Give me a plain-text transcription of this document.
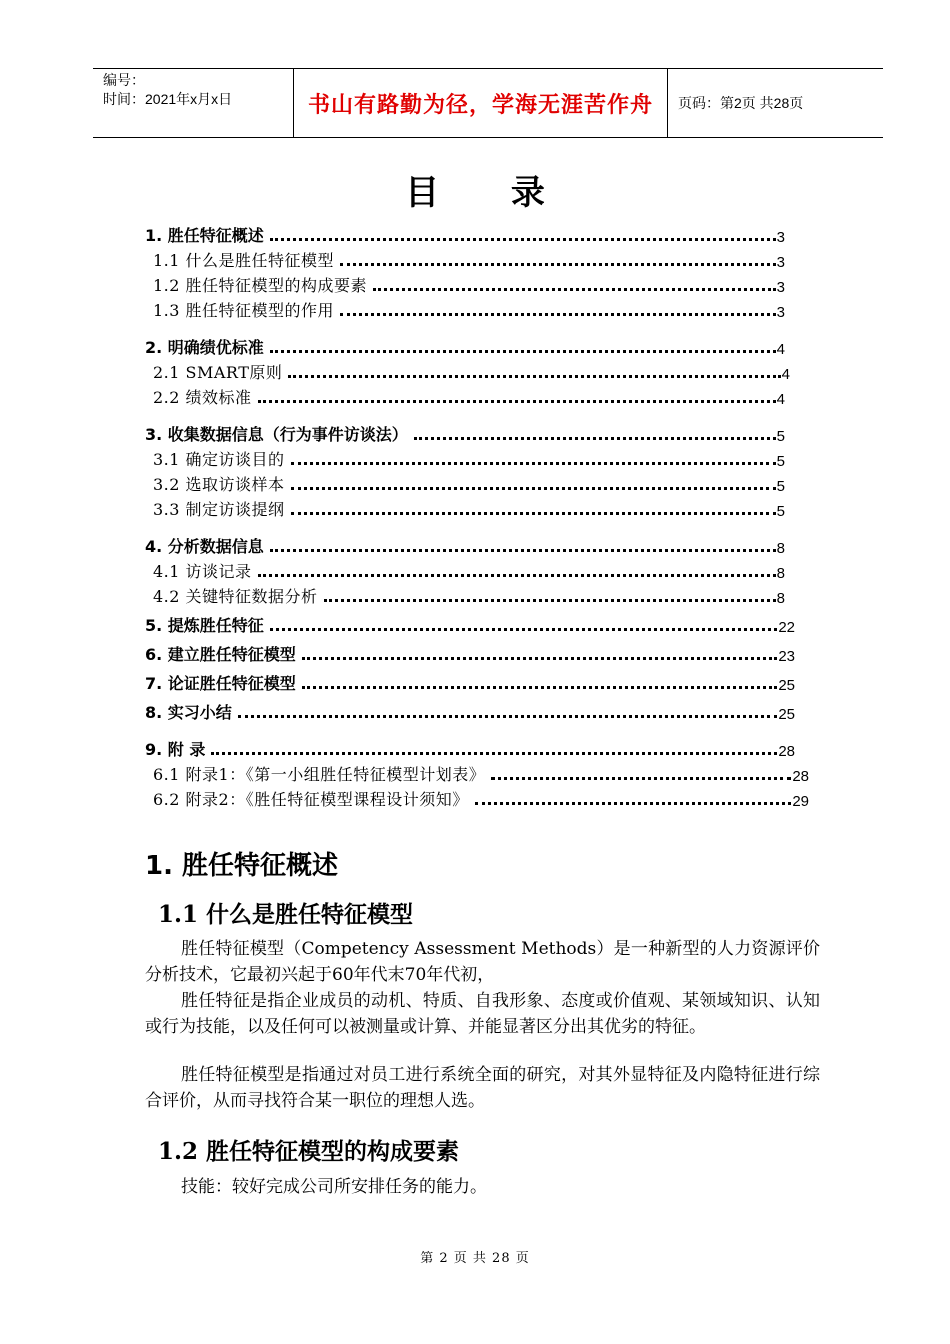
编号：
时间：2021年x月x日	书山有路勤为径，学海无涯苦作舟	页码：第2页 共28页
目 录
1. 胜任特征概述	3
1.1 什么是胜任特征模型	3
1.2 胜任特征模型的构成要素	3
1.3 胜任特征模型的作用	3
2. 明确绩优标准	4
2.1 SMART原则	4
2.2 绩效标准	4
3. 收集数据信息（行为事件访谈法）	5
3.1 确定访谈目的	5
3.2 选取访谈样本	5
3.3 制定访谈提纲	5
4. 分析数据信息	8
4.1 访谈记录	8
4.2 关键特征数据分析	8
5. 提炼胜任特征	22
6. 建立胜任特征模型	23
7. 论证胜任特征模型	25
8. 实习小结	25
9. 附 录	28
6.1 附录1：《第一小组胜任特征模型计划表》	28
6.2 附录2：《胜任特征模型课程设计须知》	29
1. 胜任特征概述
1.1 什么是胜任特征模型
胜任特征模型（Competency Assessment Methods）是一种新型的人力资源评价分析技术，它最初兴起于60年代末70年代初，
胜任特征是指企业成员的动机、特质、自我形象、态度或价值观、某领域知识、认知或行为技能，以及任何可以被测量或计算、并能显著区分出其优劣的特征。
胜任特征模型是指通过对员工进行系统全面的研究，对其外显特征及内隐特征进行综合评价，从而寻找符合某一职位的理想人选。
1.2 胜任特征模型的构成要素
技能：较好完成公司所安排任务的能力。
第 2 页 共 28 页
